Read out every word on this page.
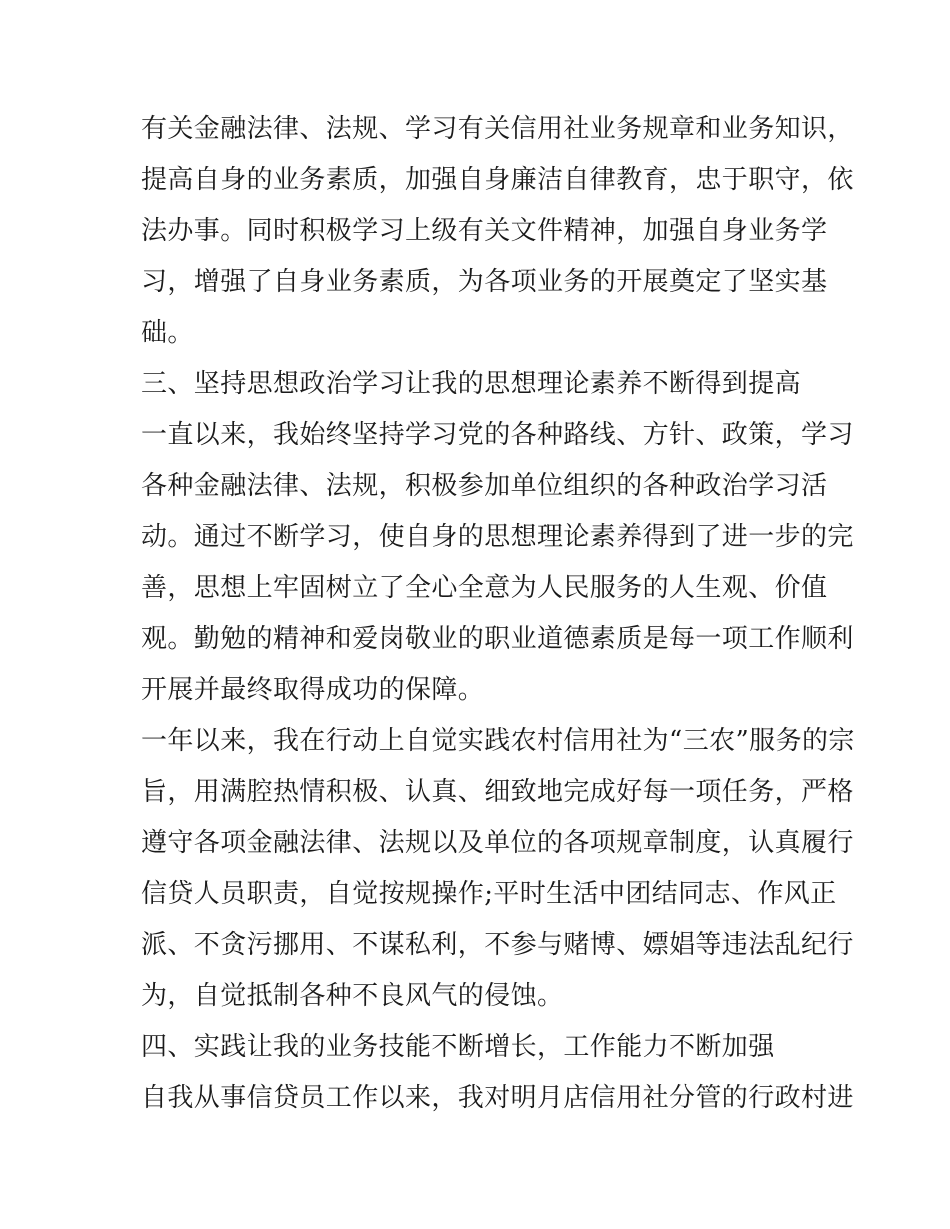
有关金融法律、法规、学习有关信用社业务规章和业务知识，
提高自身的业务素质，加强自身廉洁自律教育，忠于职守，依
法办事。同时积极学习上级有关文件精神，加强自身业务学
习，增强了自身业务素质，为各项业务的开展奠定了坚实基
础。
三、坚持思想政治学习让我的思想理论素养不断得到提高
一直以来，我始终坚持学习党的各种路线、方针、政策，学习
各种金融法律、法规，积极参加单位组织的各种政治学习活
动。通过不断学习，使自身的思想理论素养得到了进一步的完
善，思想上牢固树立了全心全意为人民服务的人生观、价值
观。勤勉的精神和爱岗敬业的职业道德素质是每一项工作顺利
开展并最终取得成功的保障。
一年以来，我在行动上自觉实践农村信用社为“三农”服务的宗
旨，用满腔热情积极、认真、细致地完成好每一项任务，严格
遵守各项金融法律、法规以及单位的各项规章制度，认真履行
信贷人员职责，自觉按规操作;平时生活中团结同志、作风正
派、不贪污挪用、不谋私利，不参与赌博、嫖娼等违法乱纪行
为，自觉抵制各种不良风气的侵蚀。
四、实践让我的业务技能不断增长，工作能力不断加强
自我从事信贷员工作以来，我对明月店信用社分管的行政村进
